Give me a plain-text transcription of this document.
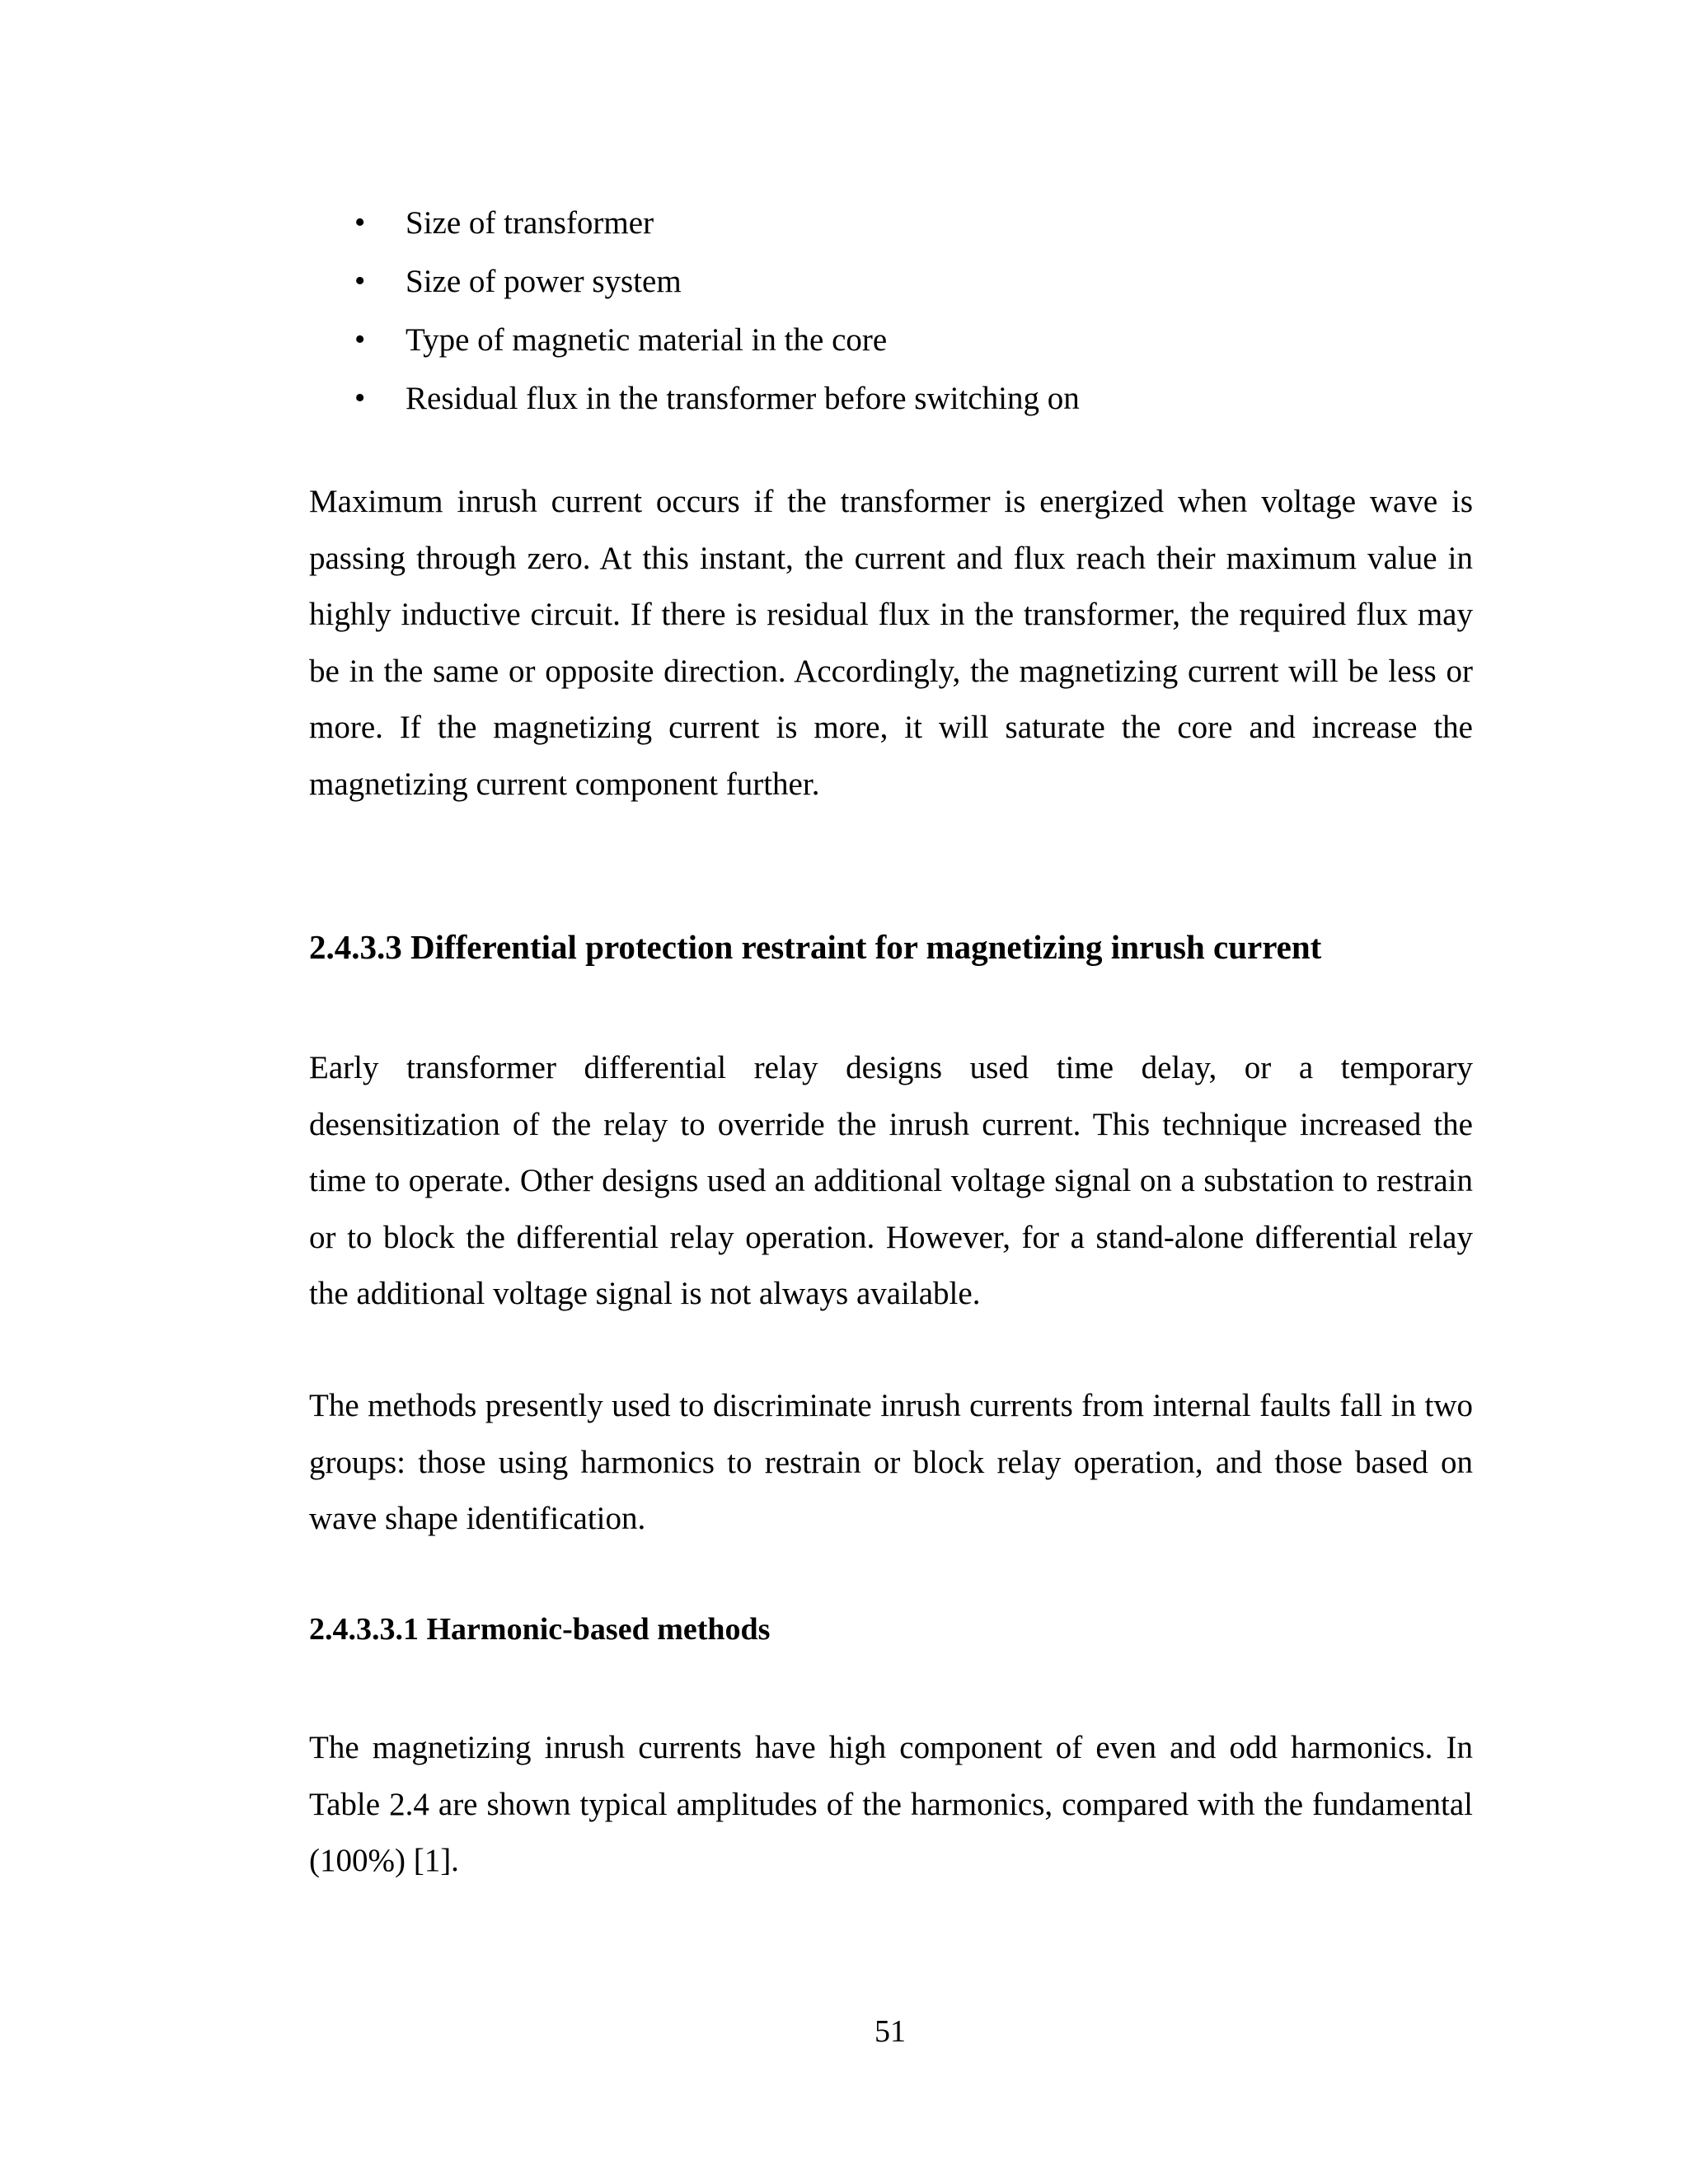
• Size of transformer
• Size of power system
• Type of magnetic material in the core
• Residual flux in the transformer before switching on

Maximum inrush current occurs if the transformer is energized when voltage wave is passing through zero. At this instant, the current and flux reach their maximum value in highly inductive circuit. If there is residual flux in the transformer, the required flux may be in the same or opposite direction. Accordingly, the magnetizing current will be less or more. If the magnetizing current is more, it will saturate the core and increase the magnetizing current component further.

2.4.3.3 Differential protection restraint for magnetizing inrush current

Early transformer differential relay designs used time delay, or a temporary desensitization of the relay to override the inrush current. This technique increased the time to operate. Other designs used an additional voltage signal on a substation to restrain or to block the differential relay operation. However, for a stand-alone differential relay the additional voltage signal is not always available.

The methods presently used to discriminate inrush currents from internal faults fall in two groups: those using harmonics to restrain or block relay operation, and those based on wave shape identification.

2.4.3.3.1 Harmonic-based methods

The magnetizing inrush currents have high component of even and odd harmonics. In Table 2.4 are shown typical amplitudes of the harmonics, compared with the fundamental (100%) [1].

51
